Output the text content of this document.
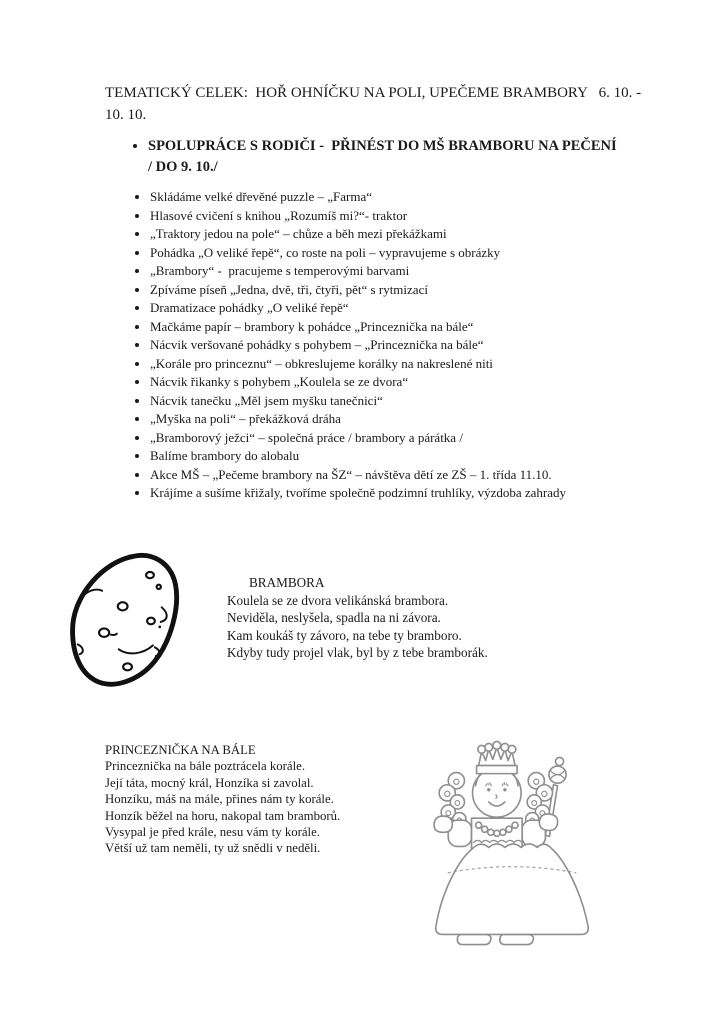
TEMATICKÝ CELEK:  HOŘ OHNÍČKU NA POLI, UPEČEME BRAMBORY   6. 10. -
10. 10.
• SPOLUPRÁCE S RODIČI -  PŘINÉST DO MŠ BRAMBORU NA PEČENÍ
/ DO 9. 10./
• Skládáme velké dřevěné puzzle – „Farma“
• Hlasové cvičení s knihou „Rozumíš mi?“- traktor
• „Traktory jedou na pole“ – chůze a běh mezi překážkami
• Pohádka „O veliké řepě“, co roste na poli – vypravujeme s obrázky
• „Brambory“ -  pracujeme s temperovými barvami
• Zpíváme píseň „Jedna, dvě, tři, čtyři, pět“ s rytmizací
• Dramatizace pohádky „O veliké řepě“
• Mačkáme papír – brambory k pohádce „Princeznička na bále“
• Nácvik veršované pohádky s pohybem – „Princeznička na bále“
• „Korále pro princeznu“ – obkreslujeme korálky na nakreslené niti
• Nácvik řikanky s pohybem „Koulela se ze dvora“
• Nácvik tanečku „Měl jsem myšku tanečnici“
• „Myška na poli“ – překážková dráha
• „Bramborový ježci“ – společná práce / brambory a párátka /
• Balíme brambory do alobalu
• Akce MŠ – „Pečeme brambory na ŠZ“ – návštěva dětí ze ZŠ – 1. třída 11.10.
• Krájíme a sušíme křižaly, tvoříme společně podzimní truhlíky, výzdoba zahrady
BRAMBORA
Koulela se ze dvora velikánská brambora.
Neviděla, neslyšela, spadla na ni závora.
Kam koukáš ty závoro, na tebe ty bramboro.
Kdyby tudy projel vlak, byl by z tebe bramborák.
PRINCEZNIČKA NA BÁLE
Princeznička na bále poztrácela korále.
Její táta, mocný král, Honzíka si zavolal.
Honzíku, máš na mále, přines nám ty korále.
Honzík běžel na horu, nakopal tam bramborů.
Vysypal je před krále, nesu vám ty korále.
Větší už tam neměli, ty už snědli v neděli.
